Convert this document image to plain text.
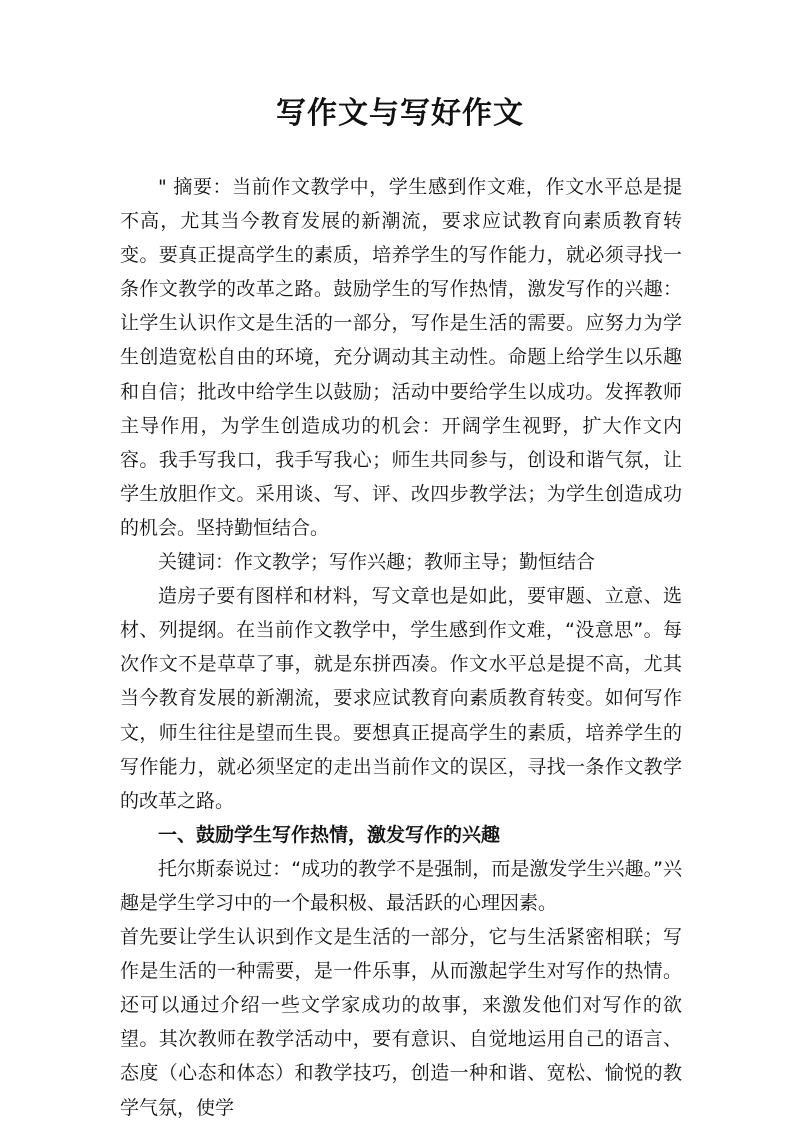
写作文与写好作文

" 摘要：当前作文教学中，学生感到作文难，作文水平总是提不高，尤其当今教育发展的新潮流，要求应试教育向素质教育转变。要真正提高学生的素质，培养学生的写作能力，就必须寻找一条作文教学的改革之路。鼓励学生的写作热情，激发写作的兴趣：让学生认识作文是生活的一部分，写作是生活的需要。应努力为学生创造宽松自由的环境，充分调动其主动性。命题上给学生以乐趣和自信；批改中给学生以鼓励；活动中要给学生以成功。发挥教师主导作用，为学生创造成功的机会：开阔学生视野，扩大作文内容。我手写我口，我手写我心；师生共同参与，创设和谐气氛，让学生放胆作文。采用谈、写、评、改四步教学法；为学生创造成功的机会。坚持勤恒结合。

关键词：作文教学；写作兴趣；教师主导；勤恒结合

造房子要有图样和材料，写文章也是如此，要审题、立意、选材、列提纲。在当前作文教学中，学生感到作文难，“没意思”。每次作文不是草草了事，就是东拼西凑。作文水平总是提不高，尤其当今教育发展的新潮流，要求应试教育向素质教育转变。如何写作文，师生往往是望而生畏。要想真正提高学生的素质，培养学生的写作能力，就必须坚定的走出当前作文的误区，寻找一条作文教学的改革之路。

一、鼓励学生写作热情，激发写作的兴趣

托尔斯泰说过：“成功的教学不是强制，而是激发学生兴趣。”兴趣是学生学习中的一个最积极、最活跃的心理因素。

首先要让学生认识到作文是生活的一部分，它与生活紧密相联；写作是生活的一种需要，是一件乐事，从而激起学生对写作的热情。还可以通过介绍一些文学家成功的故事，来激发他们对写作的欲望。其次教师在教学活动中，要有意识、自觉地运用自己的语言、态度（心态和体态）和教学技巧，创造一种和谐、宽松、愉悦的教学气氛，使学
